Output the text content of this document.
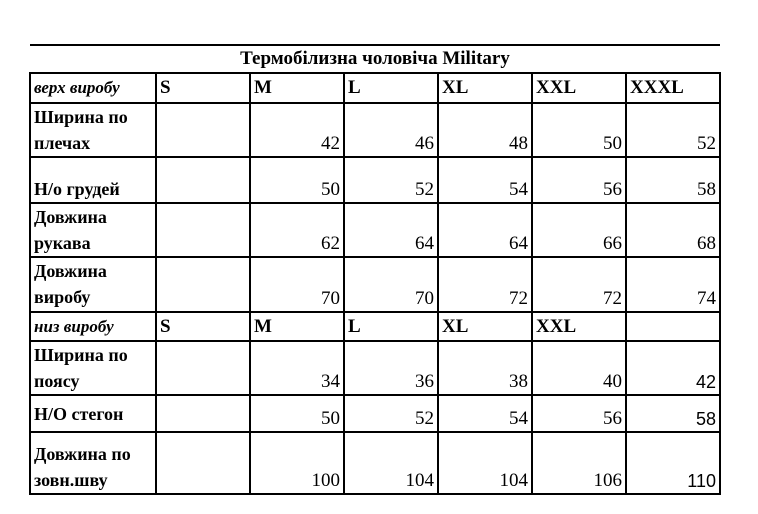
Термобілизна чоловіча Military						
верх виробу	S	M	L	XL	XXL	XXXL
Ширина по плечах		42	46	48	50	52
Н/о грудей		50	52	54	56	58
Довжина рукава		62	64	64	66	68
Довжина виробу		70	70	72	72	74
низ виробу	S	M	L	XL	XXL	
Ширина по поясу		34	36	38	40	42
Н/О стегон		50	52	54	56	58
Довжина по зовн.шву		100	104	104	106	110
